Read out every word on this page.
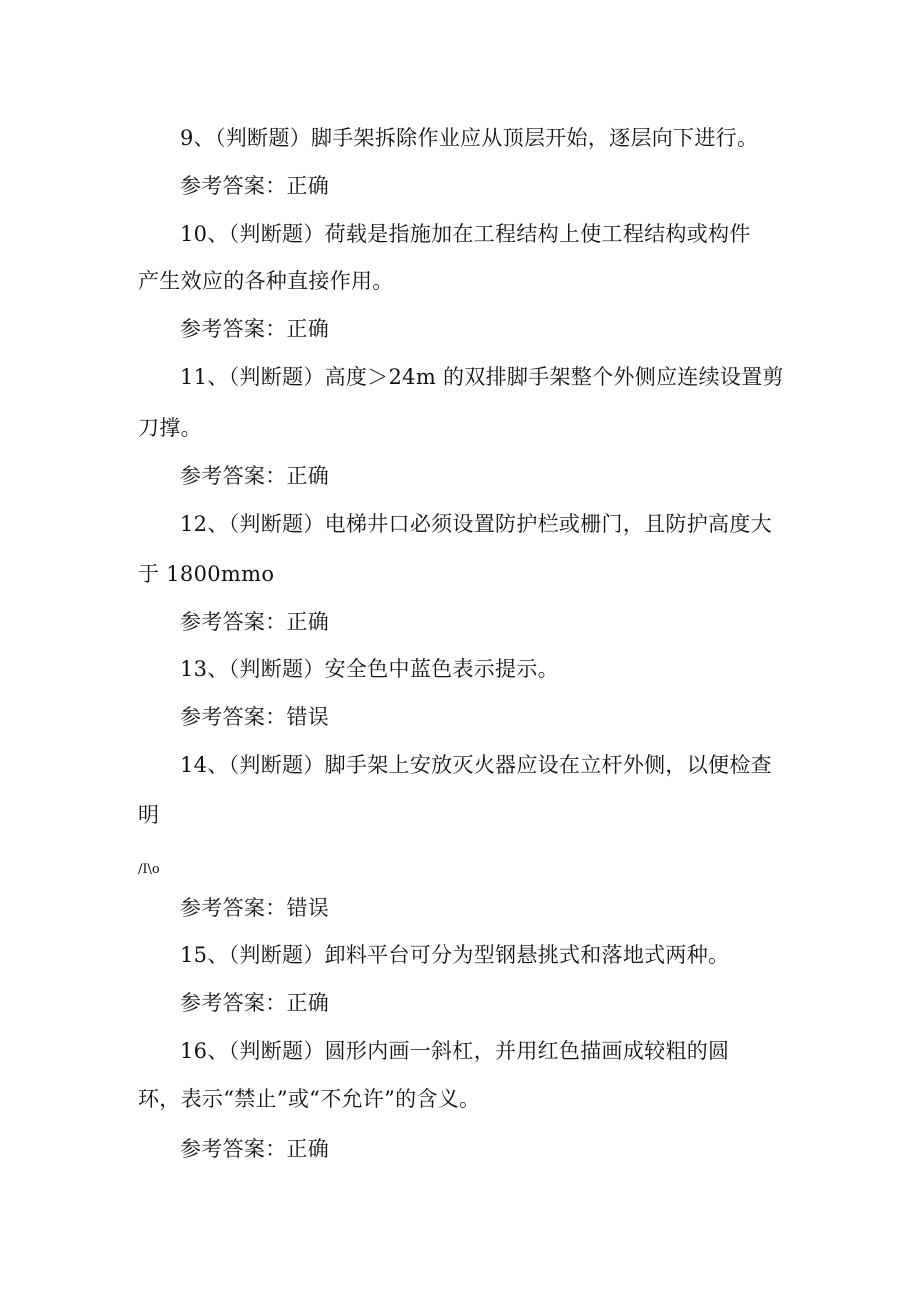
9、（判断题）脚手架拆除作业应从顶层开始，逐层向下进行。
参考答案：正确
10、（判断题）荷载是指施加在工程结构上使工程结构或构件
产生效应的各种直接作用。
参考答案：正确
11、（判断题）高度＞24m 的双排脚手架整个外侧应连续设置剪
刀撑。
参考答案：正确
12、（判断题）电梯井口必须设置防护栏或栅门，且防护高度大
于 1800mmo
参考答案：正确
13、（判断题）安全色中蓝色表示提示。
参考答案：错误
14、（判断题）脚手架上安放灭火器应设在立杆外侧，以便检查
明
/I\o
参考答案：错误
15、（判断题）卸料平台可分为型钢悬挑式和落地式两种。
参考答案：正确
16、（判断题）圆形内画一斜杠，并用红色描画成较粗的圆
环，表示“禁止”或“不允许”的含义。
参考答案：正确
